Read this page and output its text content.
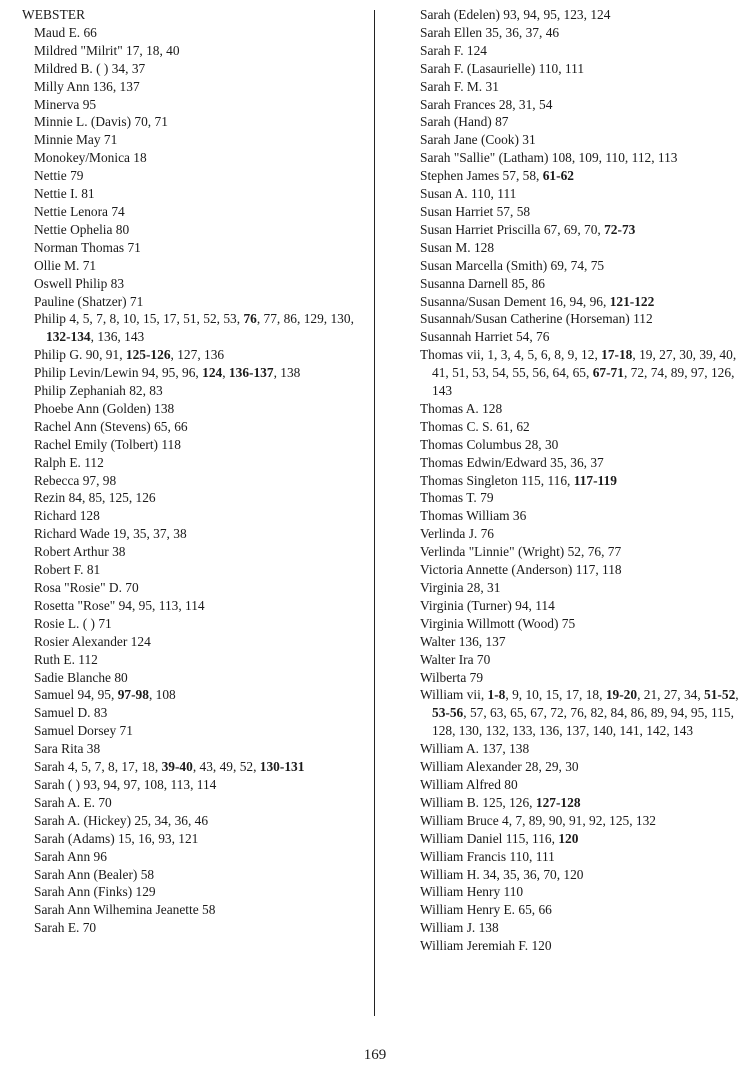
WEBSTER
Maud E. 66
Mildred "Milrit" 17, 18, 40
Mildred B. ( ) 34, 37
Milly Ann 136, 137
Minerva 95
Minnie L. (Davis) 70, 71
Minnie May 71
Monokey/Monica 18
Nettie 79
Nettie I. 81
Nettie Lenora 74
Nettie Ophelia 80
Norman Thomas 71
Ollie M. 71
Oswell Philip 83
Pauline (Shatzer) 71
Philip 4, 5, 7, 8, 10, 15, 17, 51, 52, 53, 76, 77, 86, 129, 130, 132-134, 136, 143
Philip G. 90, 91, 125-126, 127, 136
Philip Levin/Lewin 94, 95, 96, 124, 136-137, 138
Philip Zephaniah 82, 83
Phoebe Ann (Golden) 138
Rachel Ann (Stevens) 65, 66
Rachel Emily (Tolbert) 118
Ralph E. 112
Rebecca 97, 98
Rezin 84, 85, 125, 126
Richard 128
Richard Wade 19, 35, 37, 38
Robert Arthur 38
Robert F. 81
Rosa "Rosie" D. 70
Rosetta "Rose" 94, 95, 113, 114
Rosie L. ( ) 71
Rosier Alexander 124
Ruth E. 112
Sadie Blanche 80
Samuel 94, 95, 97-98, 108
Samuel D. 83
Samuel Dorsey 71
Sara Rita 38
Sarah 4, 5, 7, 8, 17, 18, 39-40, 43, 49, 52, 130-131
Sarah ( ) 93, 94, 97, 108, 113, 114
Sarah A. E. 70
Sarah A. (Hickey) 25, 34, 36, 46
Sarah (Adams) 15, 16, 93, 121
Sarah Ann 96
Sarah Ann (Bealer) 58
Sarah Ann (Finks) 129
Sarah Ann Wilhemina Jeanette 58
Sarah E. 70
Sarah (Edelen) 93, 94, 95, 123, 124
Sarah Ellen 35, 36, 37, 46
Sarah F. 124
Sarah F. (Lasaurielle) 110, 111
Sarah F. M. 31
Sarah Frances 28, 31, 54
Sarah (Hand) 87
Sarah Jane (Cook) 31
Sarah "Sallie" (Latham) 108, 109, 110, 112, 113
Stephen James 57, 58, 61-62
Susan A. 110, 111
Susan Harriet 57, 58
Susan Harriet Priscilla 67, 69, 70, 72-73
Susan M. 128
Susan Marcella (Smith) 69, 74, 75
Susanna Darnell 85, 86
Susanna/Susan Dement 16, 94, 96, 121-122
Susannah/Susan Catherine (Horseman) 112
Susannah Harriet 54, 76
Thomas vii, 1, 3, 4, 5, 6, 8, 9, 12, 17-18, 19, 27, 30, 39, 40, 41, 51, 53, 54, 55, 56, 64, 65, 67-71, 72, 74, 89, 97, 126, 143
Thomas A. 128
Thomas C. S. 61, 62
Thomas Columbus 28, 30
Thomas Edwin/Edward 35, 36, 37
Thomas Singleton 115, 116, 117-119
Thomas T. 79
Thomas William 36
Verlinda J. 76
Verlinda "Linnie" (Wright) 52, 76, 77
Victoria Annette (Anderson) 117, 118
Virginia 28, 31
Virginia (Turner) 94, 114
Virginia Willmott (Wood) 75
Walter 136, 137
Walter Ira 70
Wilberta 79
William vii, 1-8, 9, 10, 15, 17, 18, 19-20, 21, 27, 34, 51-52, 53-56, 57, 63, 65, 67, 72, 76, 82, 84, 86, 89, 94, 95, 115, 128, 130, 132, 133, 136, 137, 140, 141, 142, 143
William A. 137, 138
William Alexander 28, 29, 30
William Alfred 80
William B. 125, 126, 127-128
William Bruce 4, 7, 89, 90, 91, 92, 125, 132
William Daniel 115, 116, 120
William Francis 110, 111
William H. 34, 35, 36, 70, 120
William Henry 110
William Henry E. 65, 66
William J. 138
William Jeremiah F. 120
169
